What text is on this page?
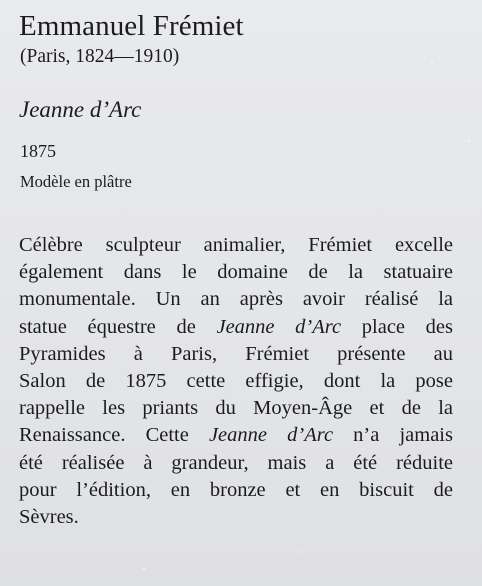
Emmanuel Frémiet
(Paris, 1824—1910)
Jeanne d’Arc
1875
Modèle en plâtre

Célèbre sculpteur animalier, Frémiet excelle
également dans le domaine de la statuaire
monumentale. Un an après avoir réalisé la
statue équestre de Jeanne d’Arc place des
Pyramides à Paris, Frémiet présente au
Salon de 1875 cette effigie, dont la pose
rappelle les priants du Moyen-Âge et de la
Renaissance. Cette Jeanne d’Arc n’a jamais
été réalisée à grandeur, mais a été réduite
pour l’édition, en bronze et en biscuit de
Sèvres.
